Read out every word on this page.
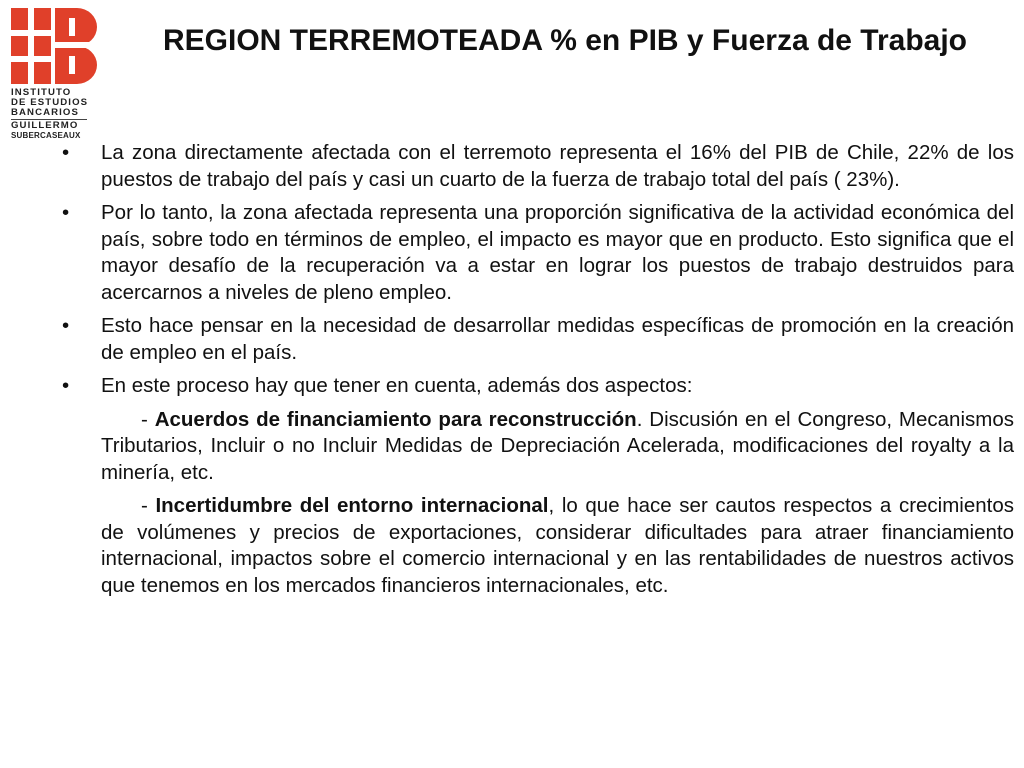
INSTITUTO
DE ESTUDIOS
BANCARIOS
GUILLERMO
SUBERCASEAUX
REGION TERREMOTEADA % en PIB y Fuerza de Trabajo
• La zona directamente afectada con el terremoto representa el 16% del PIB de Chile, 22% de los puestos de trabajo del país y casi un cuarto de la fuerza de trabajo total del país ( 23%).

• Por lo tanto, la zona afectada representa una proporción significativa de la actividad económica del país, sobre todo en términos de empleo, el impacto es mayor que en producto. Esto significa que el mayor desafío de la recuperación va a estar en lograr los puestos de trabajo destruidos para acercarnos a niveles de pleno empleo.

• Esto hace pensar en la necesidad de desarrollar medidas específicas de promoción en la creación de empleo en el país.

• En este proceso hay que tener en cuenta, además dos aspectos:

- Acuerdos de financiamiento para reconstrucción. Discusión en el Congreso, Mecanismos Tributarios, Incluir o no Incluir Medidas de Depreciación Acelerada, modificaciones del royalty a la minería, etc.

- Incertidumbre del entorno internacional, lo que hace ser cautos respectos a crecimientos de volúmenes y precios de exportaciones, considerar dificultades para atraer financiamiento internacional, impactos sobre el comercio internacional y en las rentabilidades de nuestros activos que tenemos en los mercados financieros internacionales, etc.
